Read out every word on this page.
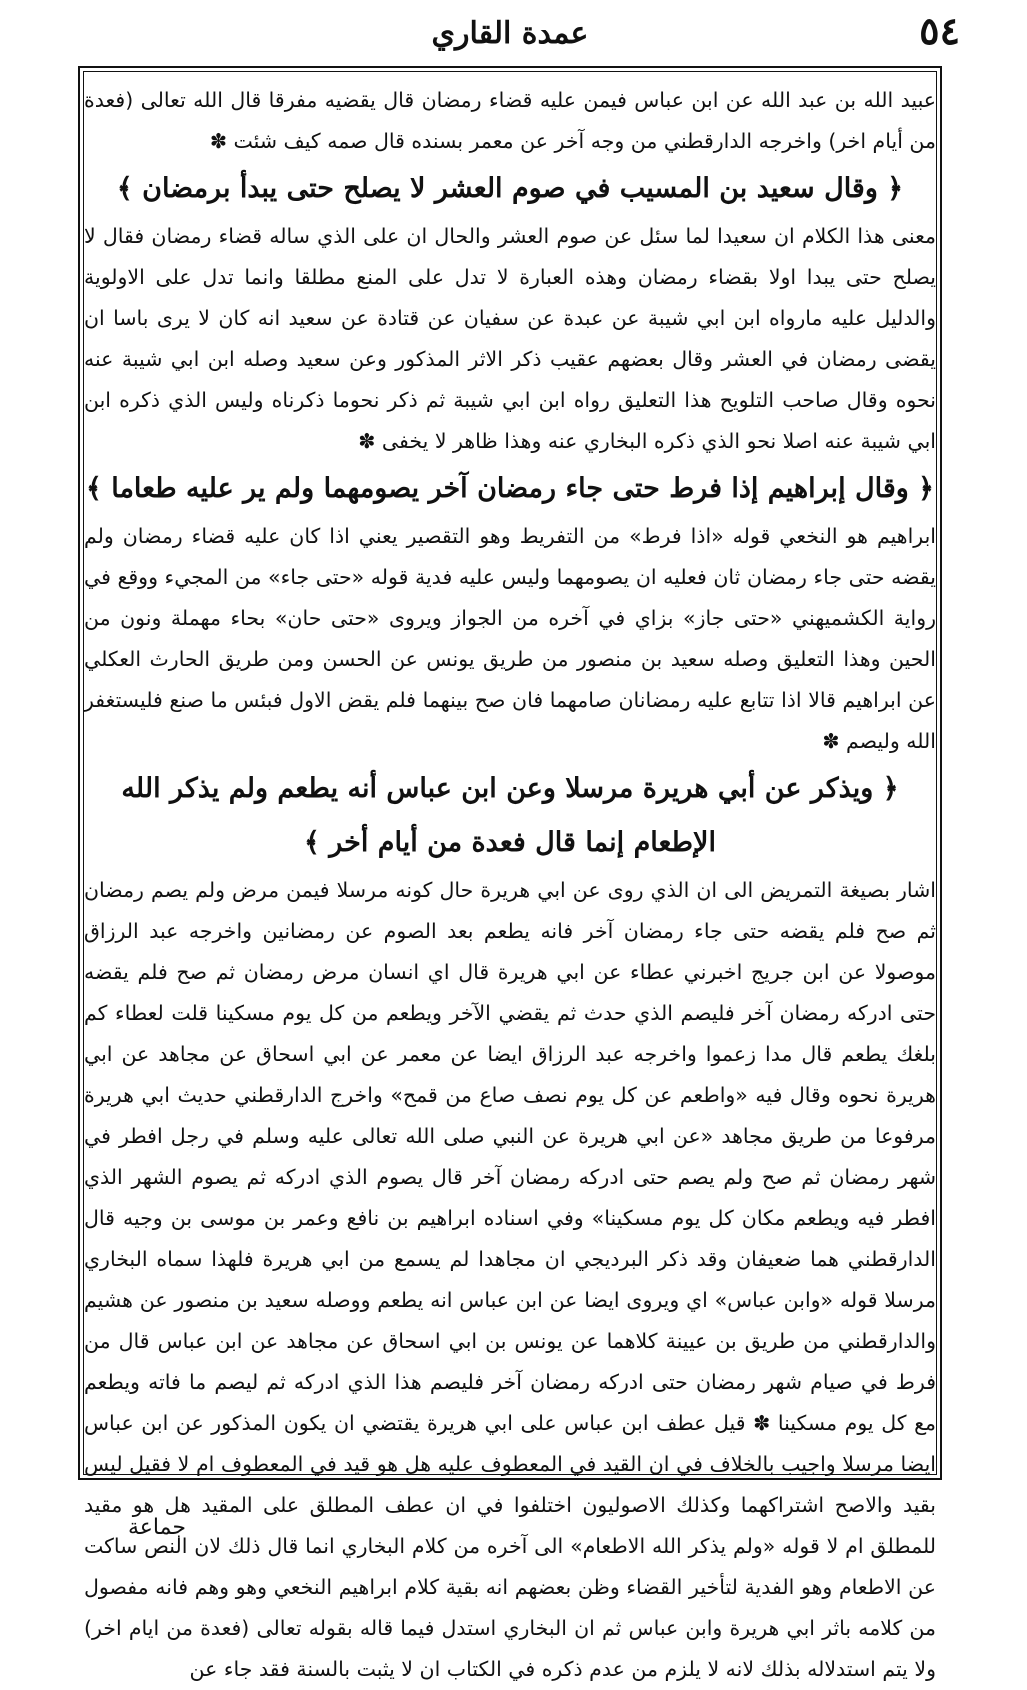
٥٤
عمدة القاري

عبيد الله بن عبد الله عن ابن عباس فيمن عليه قضاء رمضان قال يقضيه مفرقا قال الله تعالى (فعدة من أيام اخر) واخرجه الدارقطني من وجه آخر عن معمر بسنده قال صمه كيف شئت ✽

﴿ وقال سعيد بن المسيب في صوم العشر لا يصلح حتى يبدأ برمضان ﴾

معنى هذا الكلام ان سعيدا لما سئل عن صوم العشر والحال ان على الذي ساله قضاء رمضان فقال لا يصلح حتى يبدا اولا بقضاء رمضان وهذه العبارة لا تدل على المنع مطلقا وانما تدل على الاولوية والدليل عليه مارواه ابن ابي شيبة عن عبدة عن سفيان عن قتادة عن سعيد انه كان لا يرى باسا ان يقضى رمضان في العشر وقال بعضهم عقيب ذكر الاثر المذكور وعن سعيد وصله ابن ابي شيبة عنه نحوه وقال صاحب التلويح هذا التعليق رواه ابن ابي شيبة ثم ذكر نحوما ذكرناه وليس الذي ذكره ابن ابي شيبة عنه اصلا نحو الذي ذكره البخاري عنه وهذا ظاهر لا يخفى ✽

﴿ وقال إبراهيم إذا فرط حتى جاء رمضان آخر يصومهما ولم ير عليه طعاما ﴾

ابراهيم هو النخعي قوله «اذا فرط» من التفريط وهو التقصير يعني اذا كان عليه قضاء رمضان ولم يقضه حتى جاء رمضان ثان فعليه ان يصومهما وليس عليه فدية قوله «حتى جاء» من المجيء ووقع في رواية الكشميهني «حتى جاز» بزاي في آخره من الجواز ويروى «حتى حان» بحاء مهملة ونون من الحين وهذا التعليق وصله سعيد بن منصور من طريق يونس عن الحسن ومن طريق الحارث العكلي عن ابراهيم قالا اذا تتابع عليه رمضانان صامهما فان صح بينهما فلم يقض الاول فبئس ما صنع فليستغفر الله وليصم ✽

﴿ ويذكر عن أبي هريرة مرسلا وعن ابن عباس أنه يطعم ولم يذكر الله الإطعام إنما قال فعدة من أيام أخر ﴾

اشار بصيغة التمريض الى ان الذي روى عن ابي هريرة حال كونه مرسلا فيمن مرض ولم يصم رمضان ثم صح فلم يقضه حتى جاء رمضان آخر فانه يطعم بعد الصوم عن رمضانين واخرجه عبد الرزاق موصولا عن ابن جريج اخبرني عطاء عن ابي هريرة قال اي انسان مرض رمضان ثم صح فلم يقضه حتى ادركه رمضان آخر فليصم الذي حدث ثم يقضي الآخر ويطعم من كل يوم مسكينا قلت لعطاء كم بلغك يطعم قال مدا زعموا واخرجه عبد الرزاق ايضا عن معمر عن ابي اسحاق عن مجاهد عن ابي هريرة نحوه وقال فيه «واطعم عن كل يوم نصف صاع من قمح» واخرج الدارقطني حديث ابي هريرة مرفوعا من طريق مجاهد «عن ابي هريرة عن النبي صلى الله تعالى عليه وسلم في رجل افطر في شهر رمضان ثم صح ولم يصم حتى ادركه رمضان آخر قال يصوم الذي ادركه ثم يصوم الشهر الذي افطر فيه ويطعم مكان كل يوم مسكينا» وفي اسناده ابراهيم بن نافع وعمر بن موسى بن وجيه قال الدارقطني هما ضعيفان وقد ذكر البرديجي ان مجاهدا لم يسمع من ابي هريرة فلهذا سماه البخاري مرسلا قوله «وابن عباس» اي ويروى ايضا عن ابن عباس انه يطعم ووصله سعيد بن منصور عن هشيم والدارقطني من طريق بن عيينة كلاهما عن يونس بن ابي اسحاق عن مجاهد عن ابن عباس قال من فرط في صيام شهر رمضان حتى ادركه رمضان آخر فليصم هذا الذي ادركه ثم ليصم ما فاته ويطعم مع كل يوم مسكينا ✽ قيل عطف ابن عباس على ابي هريرة يقتضي ان يكون المذكور عن ابن عباس ايضا مرسلا واجيب بالخلاف في ان القيد في المعطوف عليه هل هو قيد في المعطوف ام لا فقيل ليس بقيد والاصح اشتراكهما وكذلك الاصوليون اختلفوا في ان عطف المطلق على المقيد هل هو مقيد للمطلق ام لا قوله «ولم يذكر الله الاطعام» الى آخره من كلام البخاري انما قال ذلك لان النص ساكت عن الاطعام وهو الفدية لتأخير القضاء وظن بعضهم انه بقية كلام ابراهيم النخعي وهو وهم فانه مفصول من كلامه باثر ابي هريرة وابن عباس ثم ان البخاري استدل فيما قاله بقوله تعالى (فعدة من ايام اخر) ولا يتم استدلاله بذلك لانه لا يلزم من عدم ذكره في الكتاب ان لا يثبت بالسنة فقد جاء عن

جماعة
